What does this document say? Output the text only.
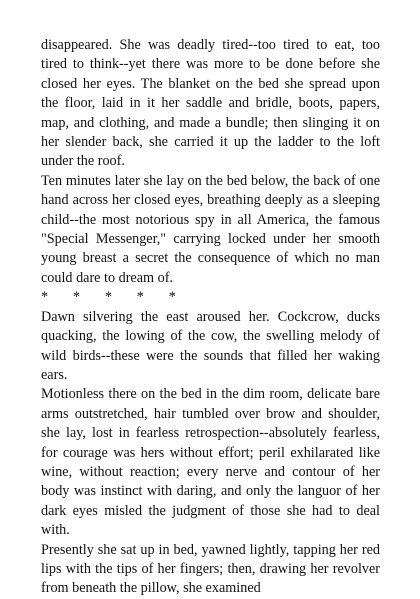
disappeared. She was deadly tired--too tired to eat, too tired to think--yet there was more to be done before she closed her eyes. The blanket on the bed she spread upon the floor, laid in it her saddle and bridle, boots, papers, map, and clothing, and made a bundle; then slinging it on her slender back, she carried it up the ladder to the loft under the roof.

Ten minutes later she lay on the bed below, the back of one hand across her closed eyes, breathing deeply as a sleeping child--the most notorious spy in all America, the famous "Special Messenger," carrying locked under her smooth young breast a secret the consequence of which no man could dare to dream of.

*       *       *       *       *

Dawn silvering the east aroused her. Cockcrow, ducks quacking, the lowing of the cow, the swelling melody of wild birds--these were the sounds that filled her waking ears.

Motionless there on the bed in the dim room, delicate bare arms outstretched, hair tumbled over brow and shoulder, she lay, lost in fearless retrospection--absolutely fearless, for courage was hers without effort; peril exhilarated like wine, without reaction; every nerve and contour of her body was instinct with daring, and only the languor of her dark eyes misled the judgment of those she had to deal with.

Presently she sat up in bed, yawned lightly, tapping her red lips with the tips of her fingers; then, drawing her revolver from beneath the pillow, she examined
